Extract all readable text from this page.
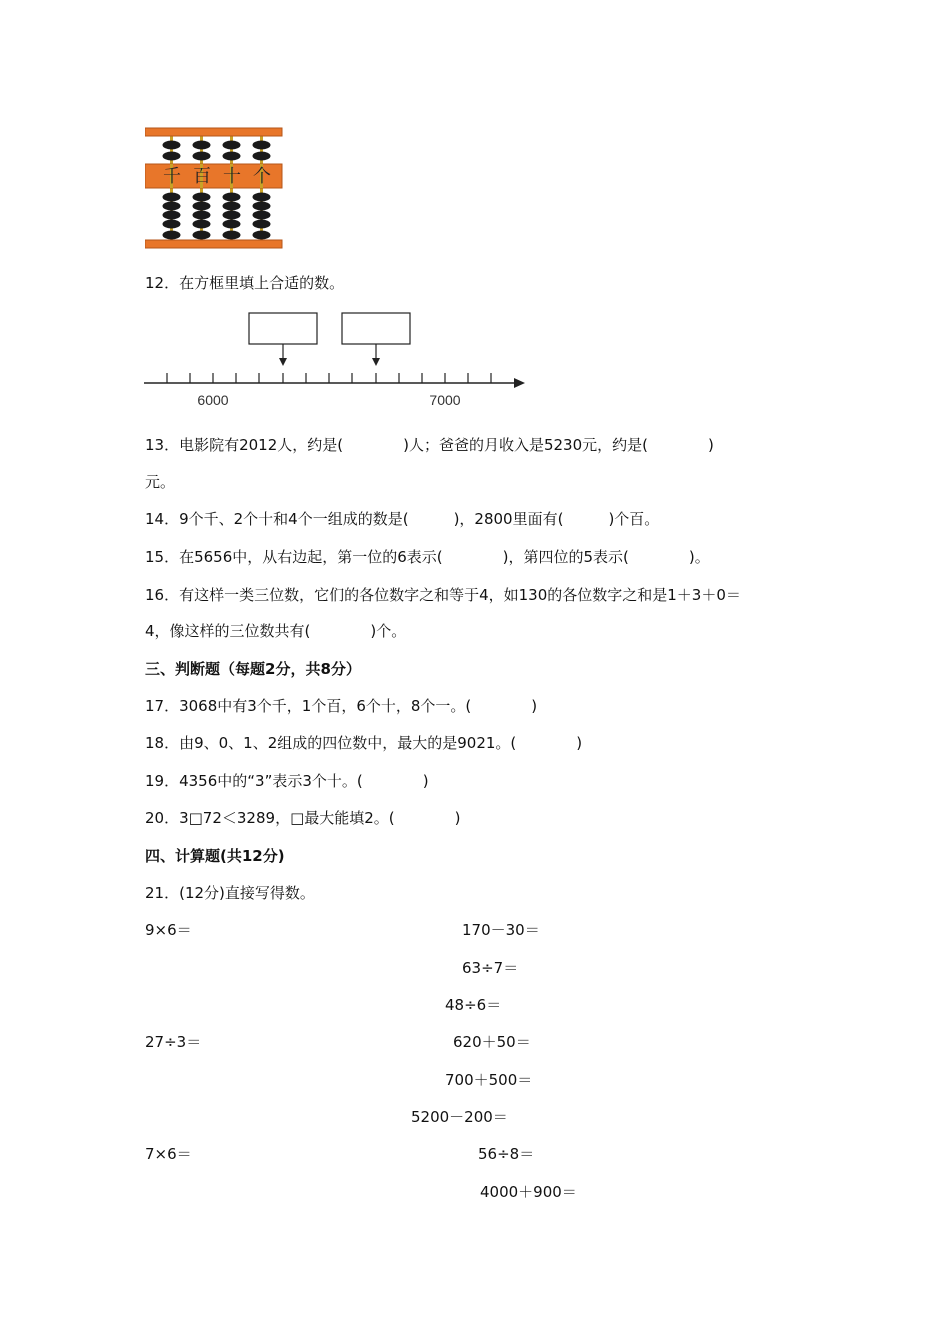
千 百 十 个
12．在方框里填上合适的数。
6000	7000
13．电影院有2012人，约是(　　　　)人；爸爸的月收入是5230元，约是(　　　　)
元。
14．9个千、2个十和4个一组成的数是(　　　)，2800里面有(　　　)个百。
15．在5656中，从右边起，第一位的6表示(　　　　)，第四位的5表示(　　　　)。
16．有这样一类三位数，它们的各位数字之和等于4，如130的各位数字之和是1＋3＋0＝
4，像这样的三位数共有(　　　　)个。
三、判断题（每题2分，共8分）
17．3068中有3个千，1个百，6个十，8个一。(　　　　)
18．由9、0、1、2组成的四位数中，最大的是9021。(　　　　)
19．4356中的“3”表示3个十。(　　　　)
20．3□72＜3289，□最大能填2。(　　　　)
四、计算题(共12分)
21．(12分)直接写得数。
9×6＝	170－30＝
63÷7＝
48÷6＝
27÷3＝	620＋50＝
700＋500＝
5200－200＝
7×6＝	56÷8＝
4000＋900＝
